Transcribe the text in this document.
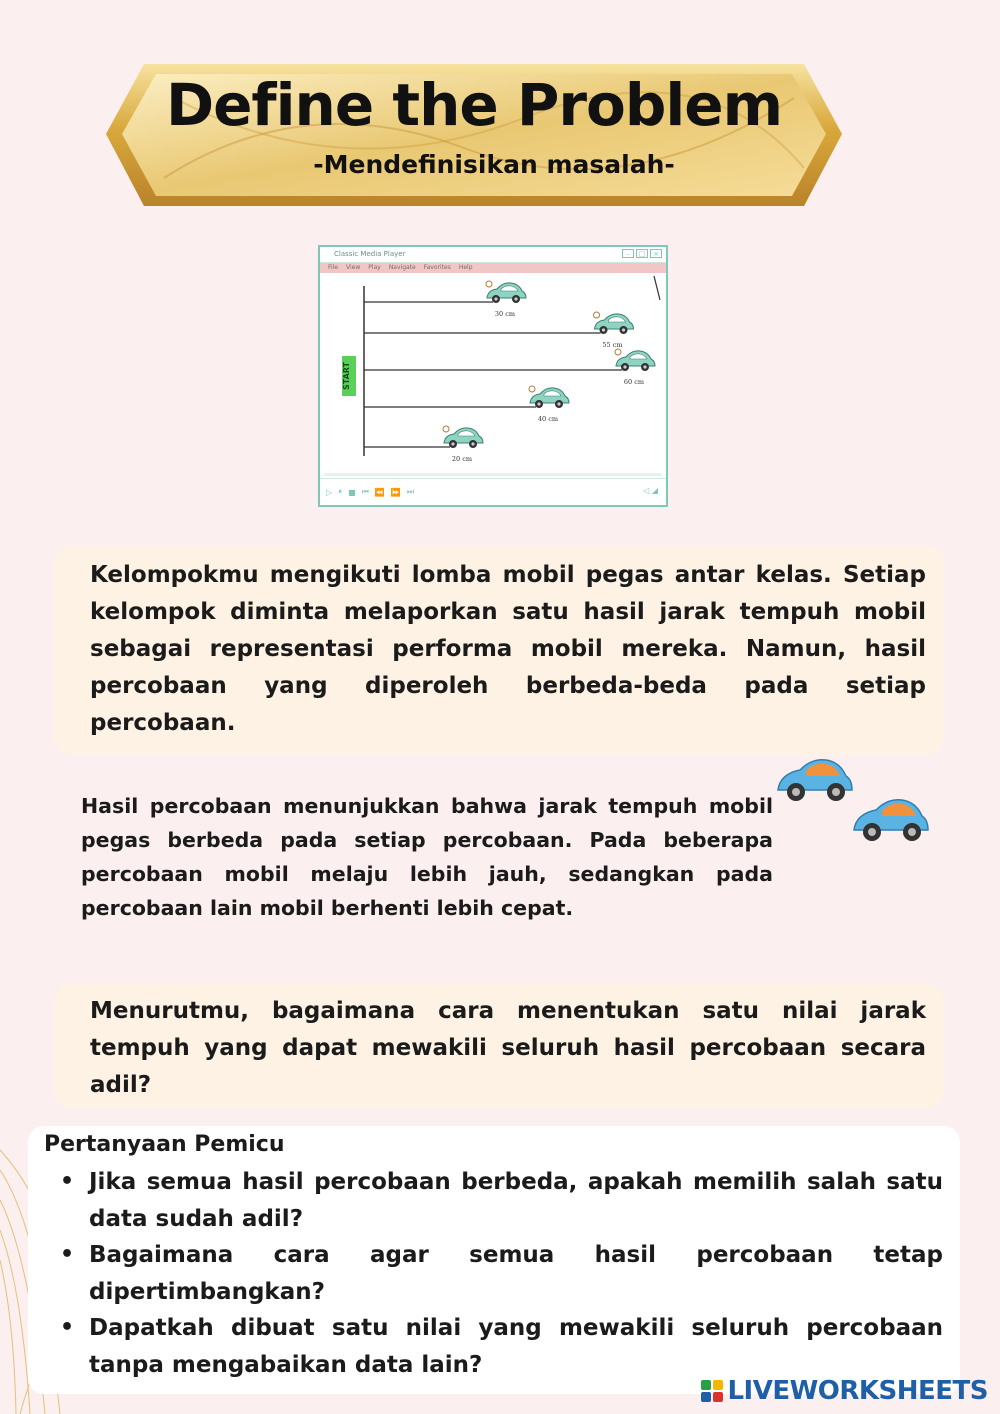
Define the Problem

-Mendefinisikan masalah-

Classic Media Player	–	□	×
File View Play Navigate Favorites Help
START
30 cm
55 cm
60 cm
40 cm
20 cm
▷ ⏸ ■ ⏮ ⏪ ⏩ ⏭	◁ ◢

Kelompokmu mengikuti lomba mobil pegas antar kelas. Setiap kelompok diminta melaporkan satu hasil jarak tempuh mobil sebagai representasi performa mobil mereka. Namun, hasil percobaan yang diperoleh berbeda-beda pada setiap percobaan.

Hasil percobaan menunjukkan bahwa jarak tempuh mobil pegas berbeda pada setiap percobaan. Pada beberapa percobaan mobil melaju lebih jauh, sedangkan pada percobaan lain mobil berhenti lebih cepat.

Menurutmu, bagaimana cara menentukan satu nilai jarak tempuh yang dapat mewakili seluruh hasil percobaan secara adil?

Pertanyaan Pemicu
• Jika semua hasil percobaan berbeda, apakah memilih salah satu data sudah adil?
• Bagaimana cara agar semua hasil percobaan tetap dipertimbangkan?
• Dapatkah dibuat satu nilai yang mewakili seluruh percobaan tanpa mengabaikan data lain?
LIVEWORKSHEETS
